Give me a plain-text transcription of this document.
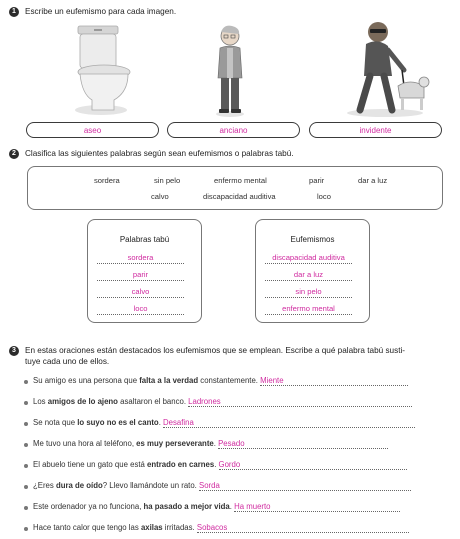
1	Escribe un eufemismo para cada imagen.
aseo	anciano	invidente
2	Clasifica las siguientes palabras según sean eufemismos o palabras tabú.
sordera	sin pelo	enfermo mental	parir	dar a luz
calvo	discapacidad auditiva	loco
Palabras tabú
sordera
parir
calvo
loco
Eufemismos
discapacidad auditiva
dar a luz
sin pelo
enfermo mental
3	En estas oraciones están destacados los eufemismos que se emplean. Escribe a qué palabra tabú susti-
tuye cada uno de ellos.
Su amigo es una persona que falta a la verdad constantemente. Miente
Los amigos de lo ajeno asaltaron el banco. Ladrones
Se nota que lo suyo no es el canto. Desafina
Me tuvo una hora al teléfono, es muy perseverante. Pesado
El abuelo tiene un gato que está entrado en carnes. Gordo
¿Eres dura de oído? Llevo llamándote un rato. Sorda
Este ordenador ya no funciona, ha pasado a mejor vida. Ha muerto
Hace tanto calor que tengo las axilas irritadas. Sobacos
